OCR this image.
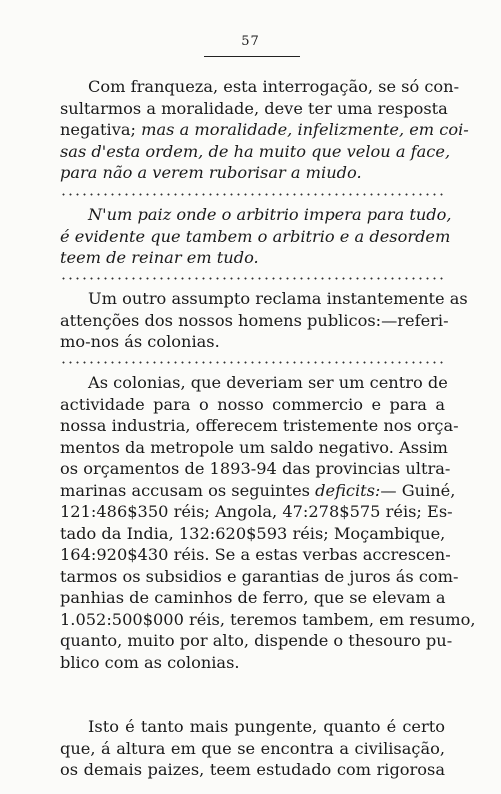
57

Com franqueza, esta interrogação, se só con-
sultarmos a moralidade, deve ter uma resposta
negativa; mas a moralidade, infelizmente, em coi-
sas d'esta ordem, de ha muito que velou a face,
para não a verem ruborisar a miudo.

N'um paiz onde o arbitrio impera para tudo,
é evidente que tambem o arbitrio e a desordem
teem de reinar em tudo.

Um outro assumpto reclama instantemente as
attenções dos nossos homens publicos:—referi-
mo-nos ás colonias.

As colonias, que deveriam ser um centro de
actividade para o nosso commercio e para a
nossa industria, offerecem tristemente nos orça-
mentos da metropole um saldo negativo. Assim
os orçamentos de 1893-94 das provincias ultra-
marinas accusam os seguintes deficits:— Guiné,
121:486$350 réis; Angola, 47:278$575 réis; Es-
tado da India, 132:620$593 réis; Moçambique,
164:920$430 réis. Se a estas verbas accrescen-
tarmos os subsidios e garantias de juros ás com-
panhias de caminhos de ferro, que se elevam a
1.052:500$000 réis, teremos tambem, em resumo,
quanto, muito por alto, dispende o thesouro pu-
blico com as colonias.

Isto é tanto mais pungente, quanto é certo
que, á altura em que se encontra a civilisação,
os demais paizes, teem estudado com rigorosa
